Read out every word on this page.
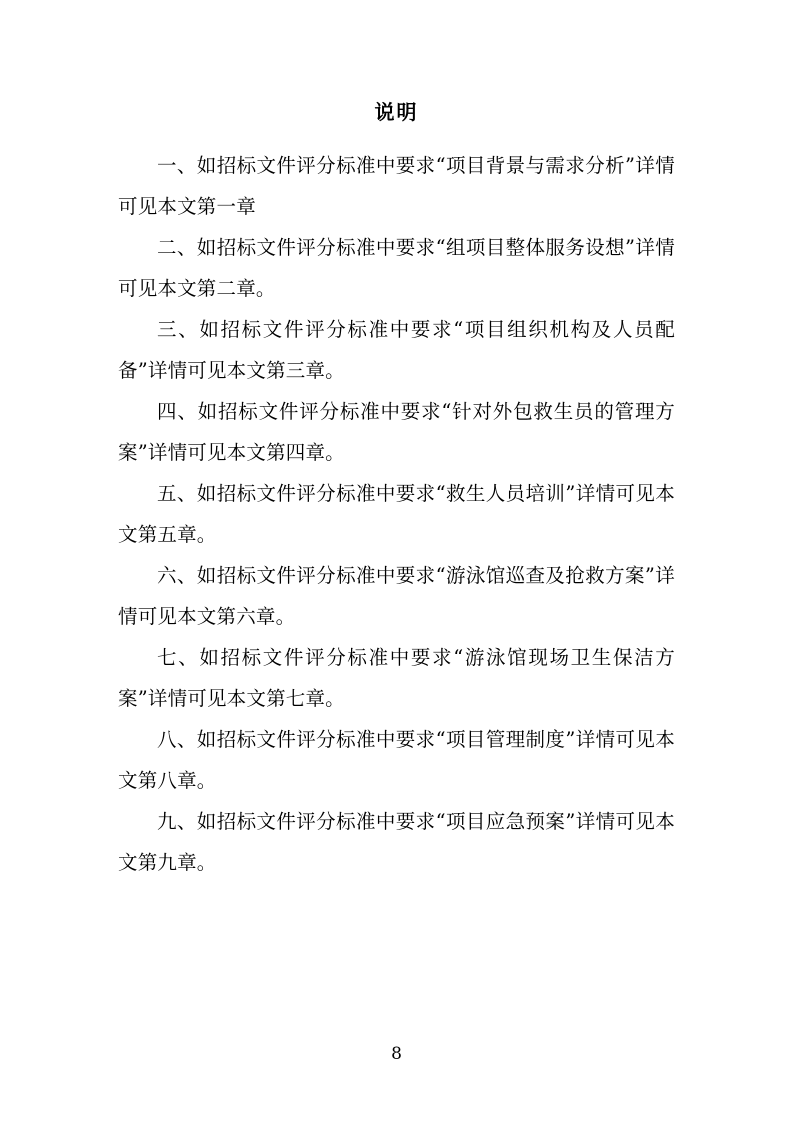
说明

一、如招标文件评分标准中要求“项目背景与需求分析”详情可见本文第一章

二、如招标文件评分标准中要求“组项目整体服务设想”详情可见本文第二章。

三、如招标文件评分标准中要求“项目组织机构及人员配备”详情可见本文第三章。

四、如招标文件评分标准中要求“针对外包救生员的管理方案”详情可见本文第四章。

五、如招标文件评分标准中要求“救生人员培训”详情可见本文第五章。

六、如招标文件评分标准中要求“游泳馆巡查及抢救方案”详情可见本文第六章。

七、如招标文件评分标准中要求“游泳馆现场卫生保洁方案”详情可见本文第七章。

八、如招标文件评分标准中要求“项目管理制度”详情可见本文第八章。

九、如招标文件评分标准中要求“项目应急预案”详情可见本文第九章。

8
